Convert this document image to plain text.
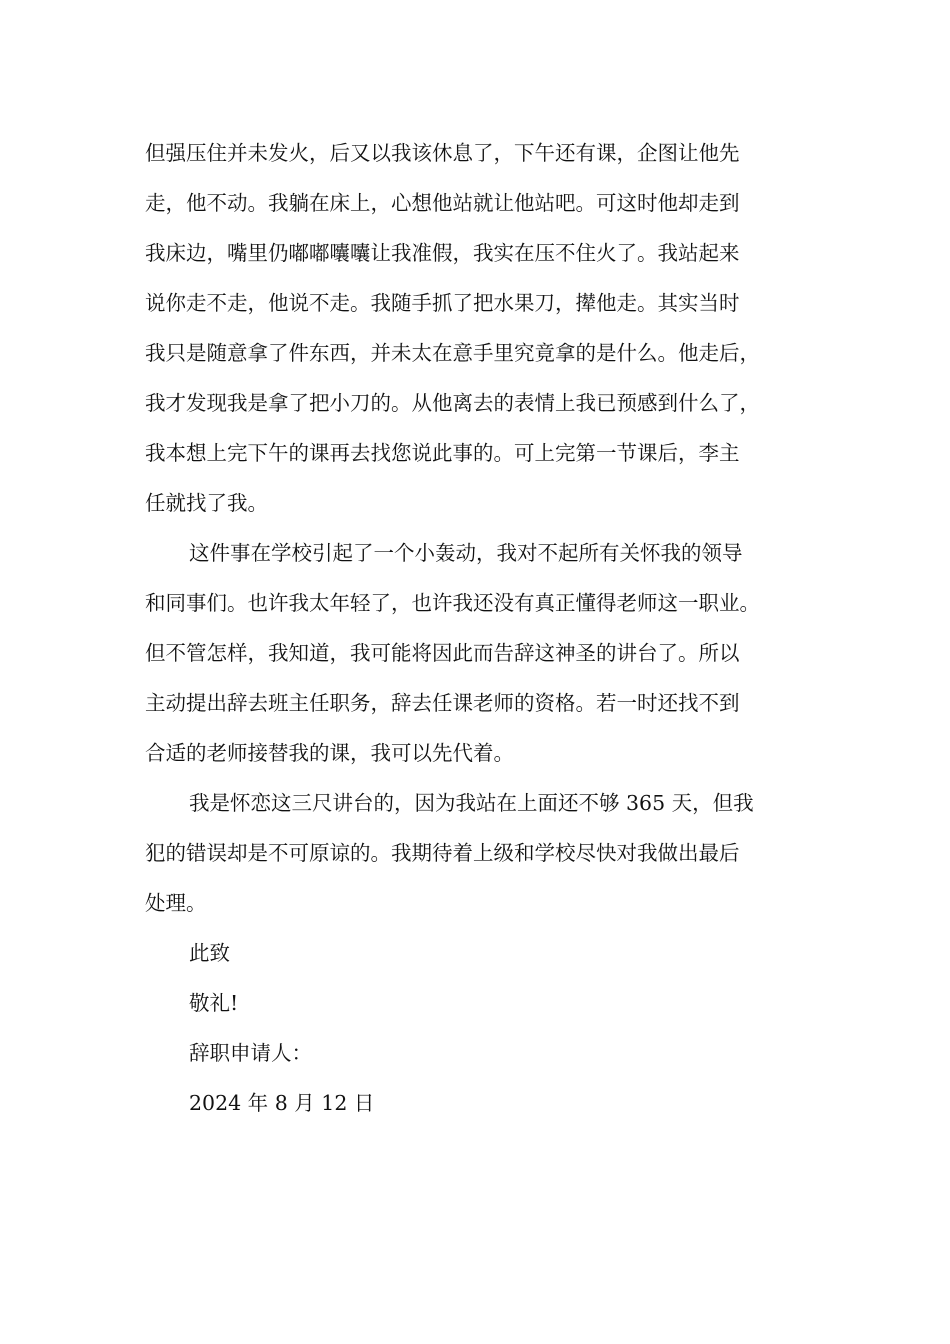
但强压住并未发火，后又以我该休息了，下午还有课，企图让他先
走，他不动。我躺在床上，心想他站就让他站吧。可这时他却走到
我床边，嘴里仍嘟嘟囔囔让我准假，我实在压不住火了。我站起来
说你走不走，他说不走。我随手抓了把水果刀，撵他走。其实当时
我只是随意拿了件东西，并未太在意手里究竟拿的是什么。他走后，
我才发现我是拿了把小刀的。从他离去的表情上我已预感到什么了，
我本想上完下午的课再去找您说此事的。可上完第一节课后，李主
任就找了我。
这件事在学校引起了一个小轰动，我对不起所有关怀我的领导
和同事们。也许我太年轻了，也许我还没有真正懂得老师这一职业。
但不管怎样，我知道，我可能将因此而告辞这神圣的讲台了。所以
主动提出辞去班主任职务，辞去任课老师的资格。若一时还找不到
合适的老师接替我的课，我可以先代着。
我是怀恋这三尺讲台的，因为我站在上面还不够 365 天，但我
犯的错误却是不可原谅的。我期待着上级和学校尽快对我做出最后
处理。
此致
敬礼!
辞职申请人：
2024 年 8 月 12 日
